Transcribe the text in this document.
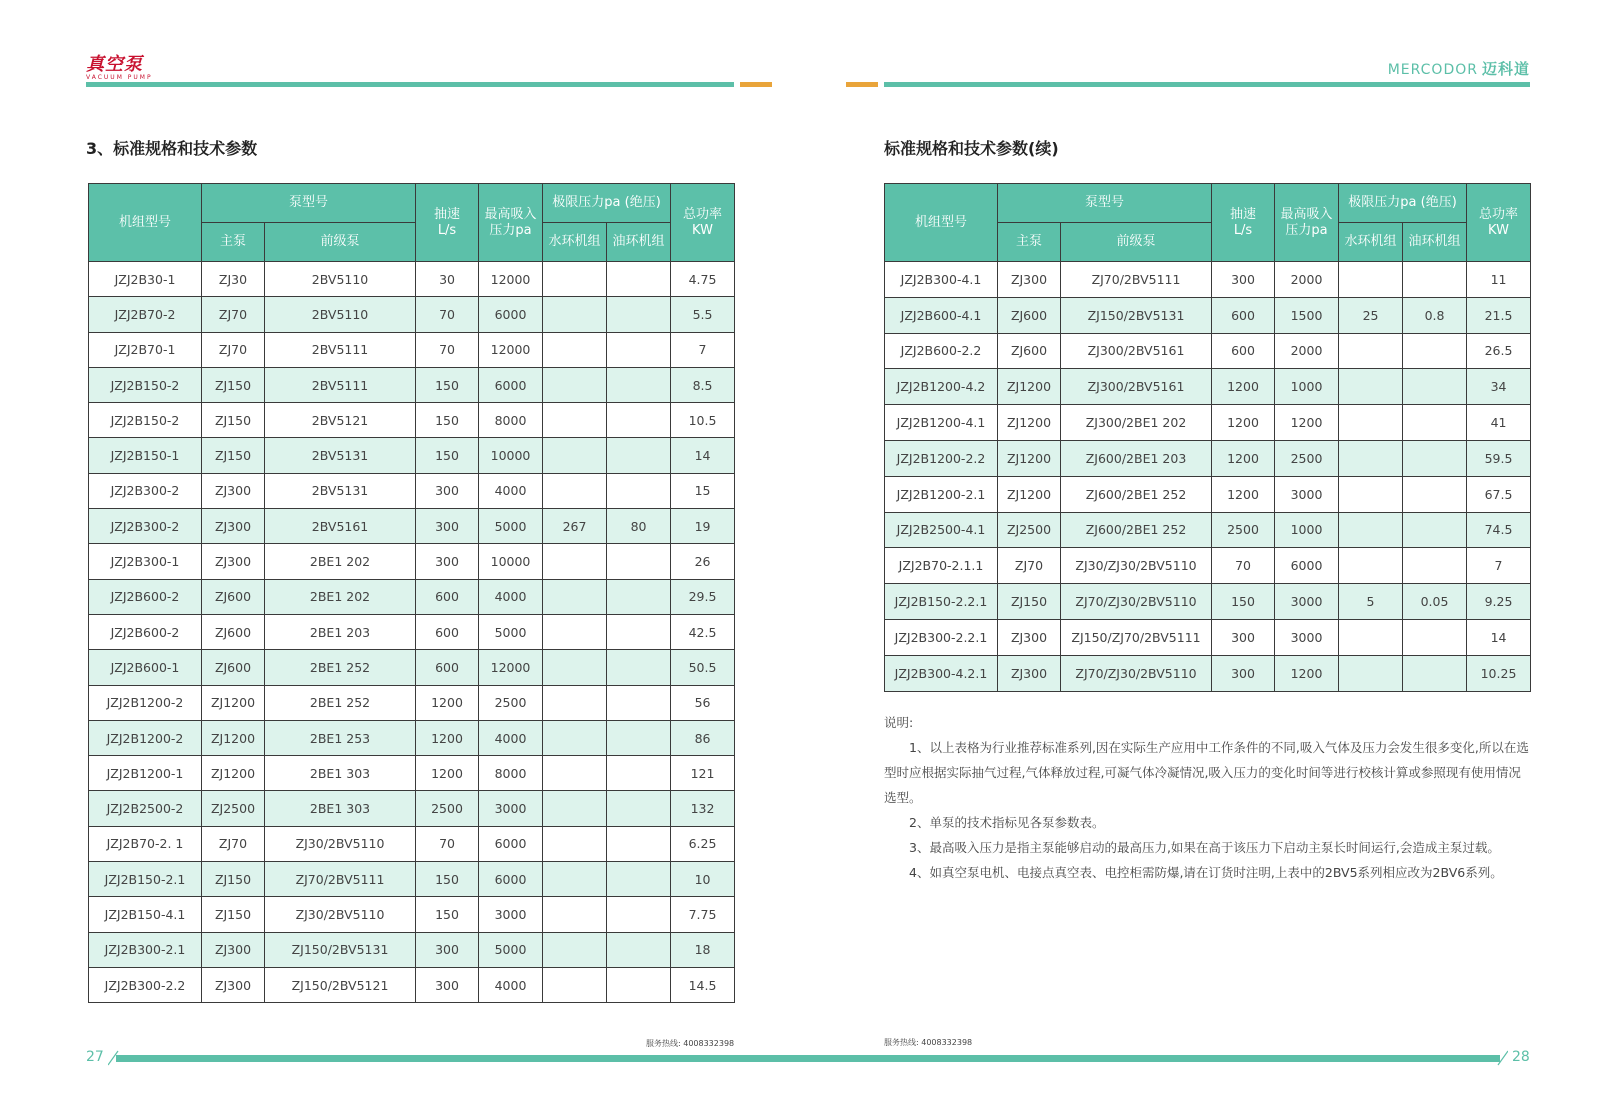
真空泵
VACUUM PUMP	MERCODOR 迈科道
3、标准规格和技术参数	标准规格和技术参数(续)
机组型号	泵型号		抽速
L/s	最高吸入
压力pa	极限压力pa (绝压)		总功率
KW
	主泵	前级泵			水环机组	油环机组	
JZJ2B30-1	ZJ30	2BV5110	30	12000			4.75
JZJ2B70-2	ZJ70	2BV5110	70	6000			5.5
JZJ2B70-1	ZJ70	2BV5111	70	12000			7
JZJ2B150-2	ZJ150	2BV5111	150	6000			8.5
JZJ2B150-2	ZJ150	2BV5121	150	8000			10.5
JZJ2B150-1	ZJ150	2BV5131	150	10000			14
JZJ2B300-2	ZJ300	2BV5131	300	4000			15
JZJ2B300-2	ZJ300	2BV5161	300	5000	267	80	19
JZJ2B300-1	ZJ300	2BE1 202	300	10000			26
JZJ2B600-2	ZJ600	2BE1 202	600	4000			29.5
JZJ2B600-2	ZJ600	2BE1 203	600	5000			42.5
JZJ2B600-1	ZJ600	2BE1 252	600	12000			50.5
JZJ2B1200-2	ZJ1200	2BE1 252	1200	2500			56
JZJ2B1200-2	ZJ1200	2BE1 253	1200	4000			86
JZJ2B1200-1	ZJ1200	2BE1 303	1200	8000			121
JZJ2B2500-2	ZJ2500	2BE1 303	2500	3000			132
JZJ2B70-2. 1	ZJ70	ZJ30/2BV5110	70	6000			6.25
JZJ2B150-2.1	ZJ150	ZJ70/2BV5111	150	6000			10
JZJ2B150-4.1	ZJ150	ZJ30/2BV5110	150	3000			7.75
JZJ2B300-2.1	ZJ300	ZJ150/2BV5131	300	5000			18
JZJ2B300-2.2	ZJ300	ZJ150/2BV5121	300	4000			14.5
机组型号	泵型号		抽速
L/s	最高吸入
压力pa	极限压力pa (绝压)		总功率
KW
	主泵	前级泵			水环机组	油环机组	
JZJ2B300-4.1	ZJ300	ZJ70/2BV5111	300	2000			11
JZJ2B600-4.1	ZJ600	ZJ150/2BV5131	600	1500	25	0.8	21.5
JZJ2B600-2.2	ZJ600	ZJ300/2BV5161	600	2000			26.5
JZJ2B1200-4.2	ZJ1200	ZJ300/2BV5161	1200	1000			34
JZJ2B1200-4.1	ZJ1200	ZJ300/2BE1 202	1200	1200			41
JZJ2B1200-2.2	ZJ1200	ZJ600/2BE1 203	1200	2500			59.5
JZJ2B1200-2.1	ZJ1200	ZJ600/2BE1 252	1200	3000			67.5
JZJ2B2500-4.1	ZJ2500	ZJ600/2BE1 252	2500	1000			74.5
JZJ2B70-2.1.1	ZJ70	ZJ30/ZJ30/2BV5110	70	6000			7
JZJ2B150-2.2.1	ZJ150	ZJ70/ZJ30/2BV5110	150	3000	5	0.05	9.25
JZJ2B300-2.2.1	ZJ300	ZJ150/ZJ70/2BV5111	300	3000			14
JZJ2B300-4.2.1	ZJ300	ZJ70/ZJ30/2BV5110	300	1200			10.25

说明:

1、以上表格为行业推荐标准系列,因在实际生产应用中工作条件的不同,吸入气体及压力会发生很多变化,所以在选型时应根据实际抽气过程,气体释放过程,可凝气体冷凝情况,吸入压力的变化时间等进行校核计算或参照现有使用情况选型。

2、单泵的技术指标见各泵参数表。

3、最高吸入压力是指主泵能够启动的最高压力,如果在高于该压力下启动主泵长时间运行,会造成主泵过载。

4、如真空泵电机、电接点真空表、电控柜需防爆,请在订货时注明,上表中的2BV5系列相应改为2BV6系列。

服务热线: 4008332398	服务热线: 4008332398
27	28
